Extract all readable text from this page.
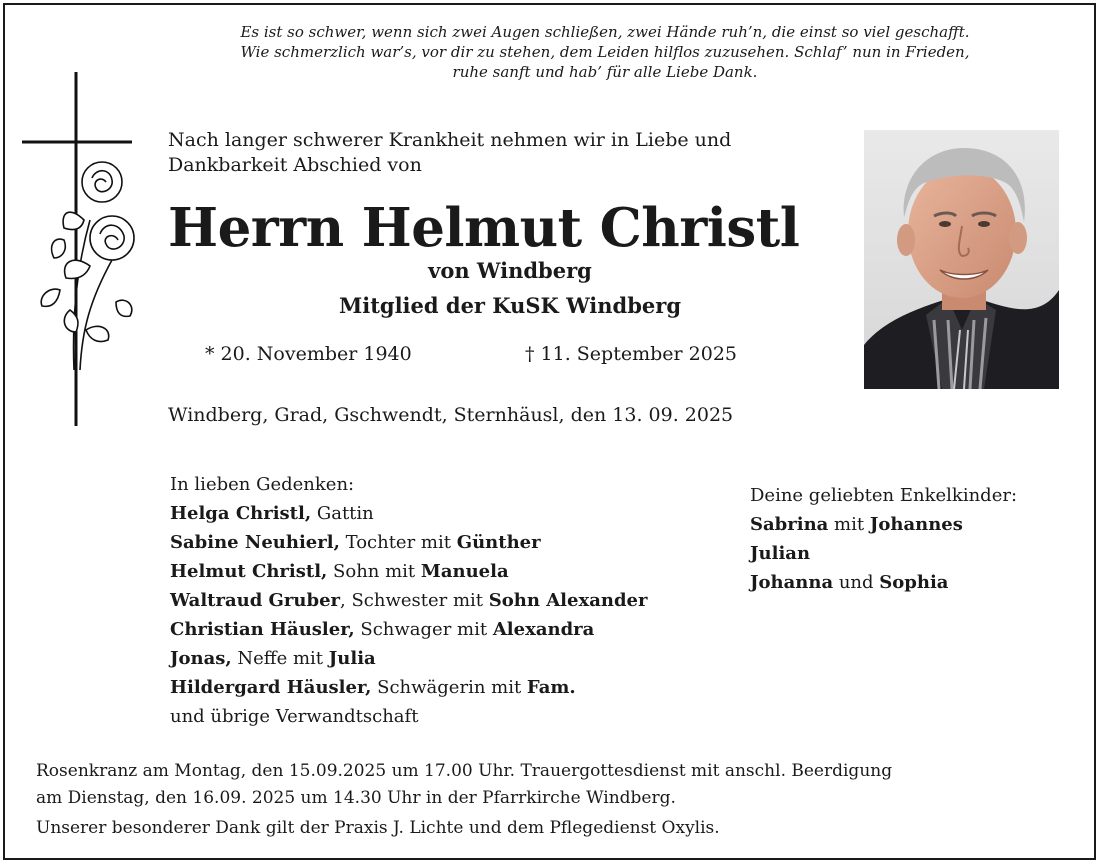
Es ist so schwer, wenn sich zwei Augen schließen, zwei Hände ruh’n, die einst so viel geschafft.
Wie schmerzlich war’s, vor dir zu stehen, dem Leiden hilflos zuzusehen. Schlaf’ nun in Frieden,
ruhe sanft und hab’ für alle Liebe Dank.
Nach langer schwerer Krankheit nehmen wir in Liebe und
Dankbarkeit Abschied von
Herrn Helmut Christl
von Windberg
Mitglied der KuSK Windberg
* 20. November 1940	† 11. September 2025
Windberg, Grad, Gschwendt, Sternhäusl, den 13. 09. 2025
In lieben Gedenken:
Helga Christl, Gattin
Sabine Neuhierl, Tochter mit Günther
Helmut Christl, Sohn mit Manuela
Waltraud Gruber, Schwester mit Sohn Alexander
Christian Häusler, Schwager mit Alexandra
Jonas, Neffe mit Julia
Hildergard Häusler, Schwägerin mit Fam.
und übrige Verwandtschaft
Deine geliebten Enkelkinder:
Sabrina mit Johannes
Julian
Johanna und Sophia
Rosenkranz am Montag, den 15.09.2025 um 17.00 Uhr. Trauergottesdienst mit anschl. Beerdigung
am Dienstag, den 16.09. 2025 um 14.30 Uhr in der Pfarrkirche Windberg.
Unserer besonderer Dank gilt der Praxis J. Lichte und dem Pflegedienst Oxylis.
